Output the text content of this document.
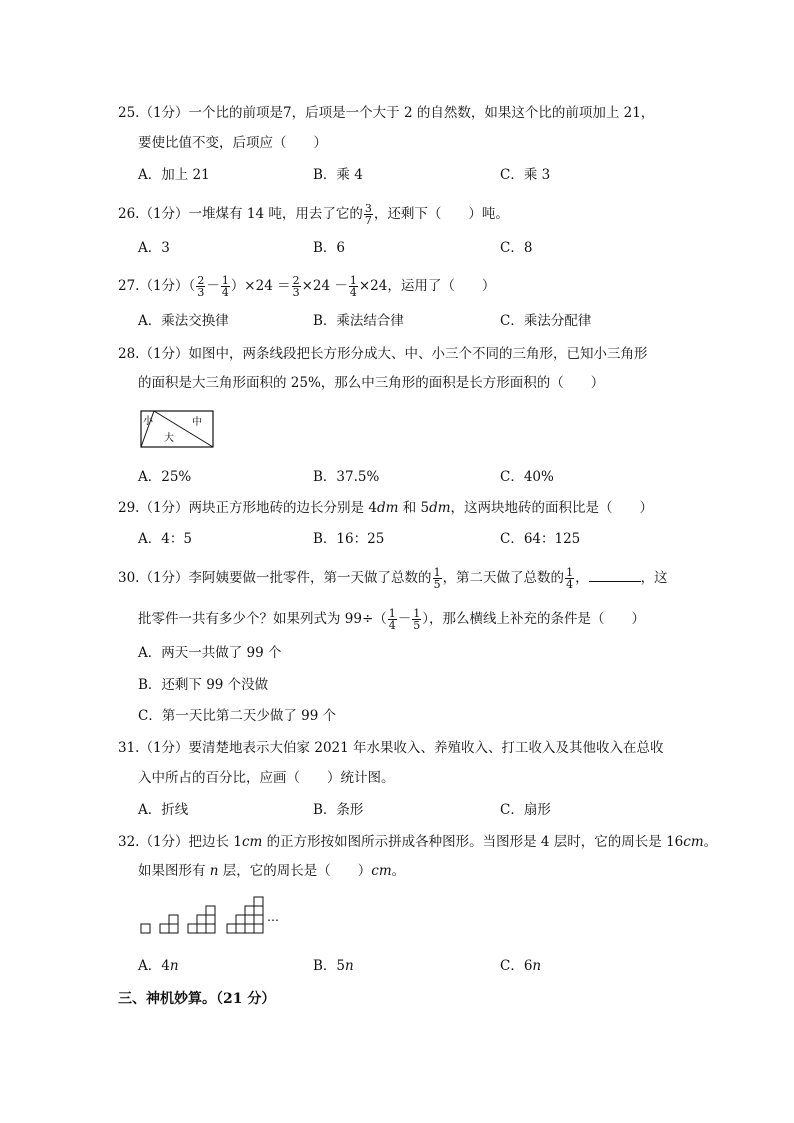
25.（1分）一个比的前项是7，后项是一个大于 2 的自然数，如果这个比的前项加上 21，
要使比值不变，后项应（　　）
A．加上 21	B．乘 4	C．乘 3
26.（1分）一堆煤有 14 吨，用去了它的 $\frac{3}{7}$ ，还剩下（　　）吨。
A．3	B．6	C．8
27.（1分）（ $\frac{2}{3} - \frac{1}{4} )\times 24 = \frac{2}{3} \times 24 - \frac{1}{4} \times 24$，运用了（　　）
A．乘法交换律	B．乘法结合律	C．乘法分配律
28.（1分）如图中，两条线段把长方形分成大、中、小三个不同的三角形，已知小三角形
的面积是大三角形面积的 25%，那么中三角形的面积是长方形面积的（　　）
小
大
中
A．25%	B．37.5%	C．40%
29.（1分）两块正方形地砖的边长分别是 4dm 和 5dm，这两块地砖的面积比是（　　）
A．4：5	B．16：25	C．64：125
30.（1分）李阿姨要做一批零件，第一天做了总数的 $\frac{1}{5}$ ，第二天做了总数的 $\frac{1}{4}$ ，	，这
批零件一共有多少个？如果列式为 $99\div( \frac{1}{4} - \frac{1}{5}$ ），那么横线上补充的条件是（　　）
A．两天一共做了 99 个
B．还剩下 99 个没做
C．第一天比第二天少做了 99 个
31.（1分）要清楚地表示大伯家 2021 年水果收入、养殖收入、打工收入及其他收入在总收
入中所占的百分比，应画（　　）统计图。
A．折线	B．条形	C．扇形
32.（1分）把边长 1cm 的正方形按如图所示拼成各种图形。当图形是 4 层时，它的周长是 16cm。
如果图形有 n 层，它的周长是（　　）cm。
…
A．4n	B．5n	C．6n
三、神机妙算。（21 分）
